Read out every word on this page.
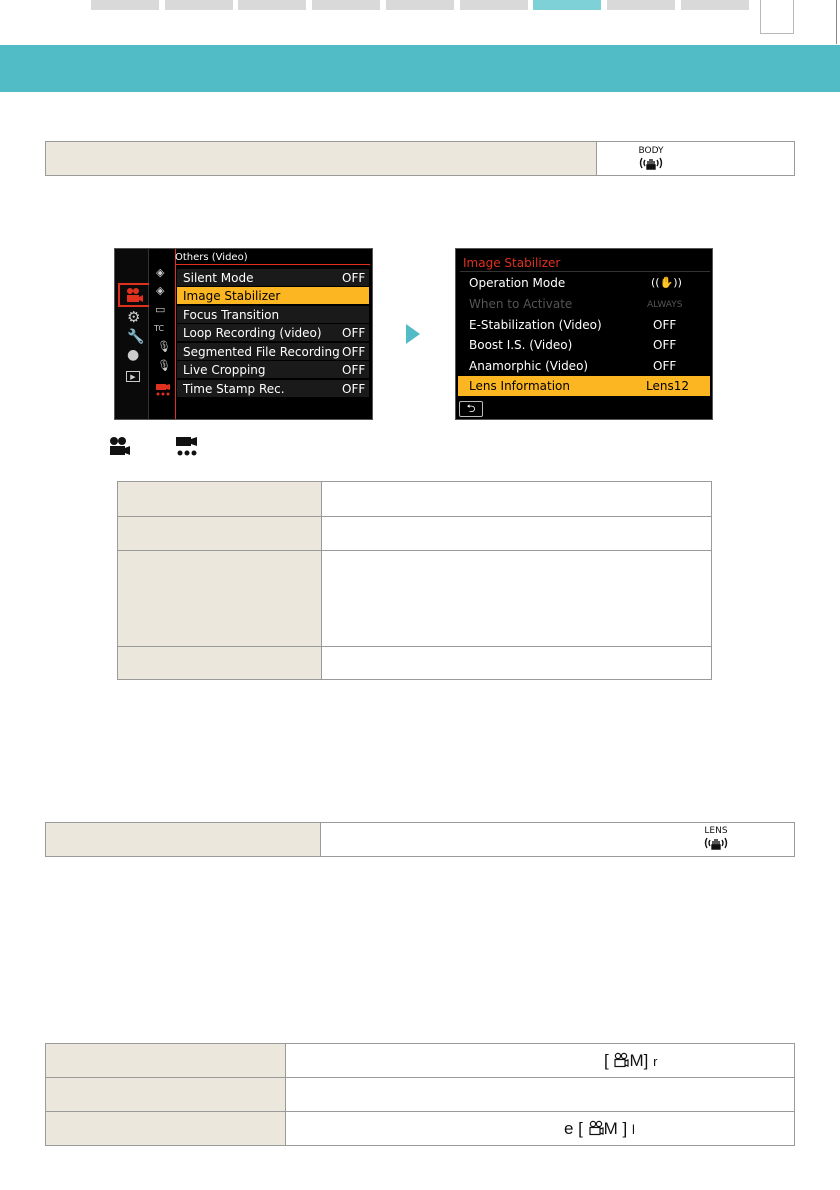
BODY
⚙
🔧
●
▶
◈
◈
▭
TC
🎙
🎙
Others (Video)
Silent Mode	OFF
Image Stabilizer
Focus Transition
Loop Recording (video) OFF
Segmented File Recording OFF
Live Cropping	OFF
Time Stamp Rec.	OFF
Image Stabilizer
⮌
Operation Mode	((✋))
When to Activate	ALWAYS
E-Stabilization (Video)	OFF
Boost I.S. (Video)	OFF
Anamorphic (Video)	OFF
Lens Information	Lens12
LENS
[ M] r
e [ M ] l
